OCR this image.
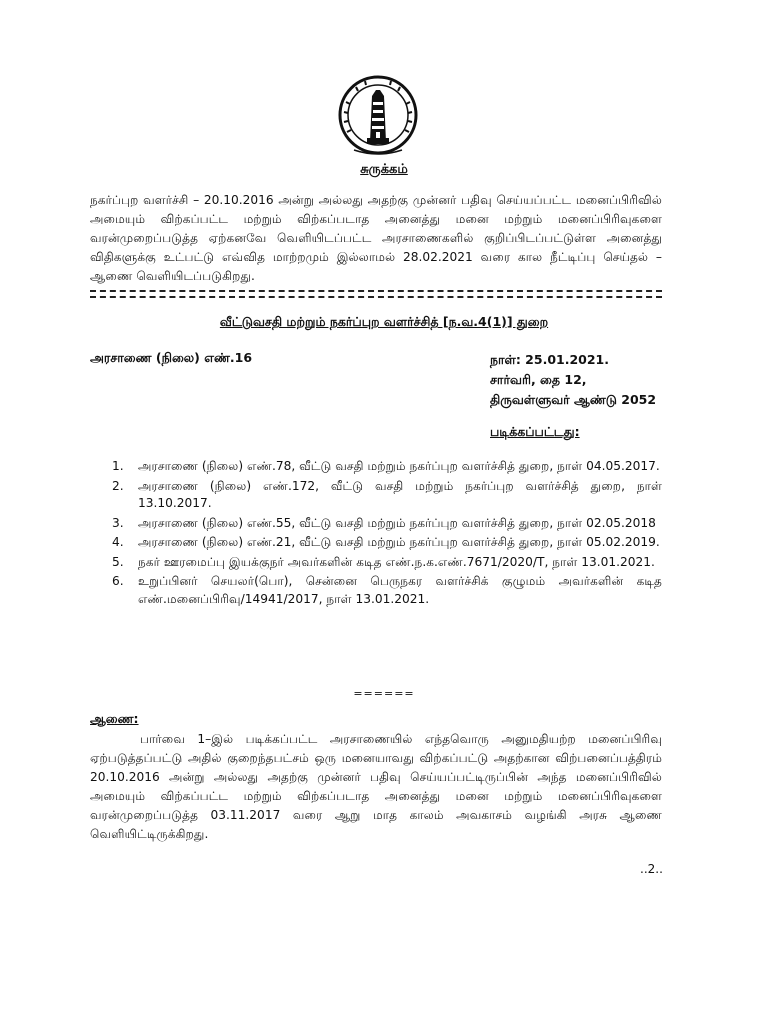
சுருக்கம்
நகர்ப்புற வளர்ச்சி – 20.10.2016 அன்று அல்லது அதற்கு முன்னர் பதிவு செய்யப்பட்ட மனைப்பிரிவில் அமையும் விற்கப்பட்ட மற்றும் விற்கப்படாத அனைத்து மனை மற்றும் மனைப்பிரிவுகளை வரன்முறைப்படுத்த ஏற்கனவே வெளியிடப்பட்ட அரசாணைகளில் குறிப்பிடப்பட்டுள்ள அனைத்து விதிகளுக்கு உட்பட்டு எவ்வித மாற்றமும் இல்லாமல் 28.02.2021 வரை கால நீட்டிப்பு செய்தல் – ஆணை வெளியிடப்படுகிறது.
வீட்டுவசதி மற்றும் நகர்ப்புற வளர்ச்சித் [ந.வ.4(1)] துறை
அரசாணை (நிலை) எண்.16	நாள்: 25.01.2021.
சார்வரி, தை 12,
திருவள்ளுவர் ஆண்டு 2052
படிக்கப்பட்டது:
1. அரசாணை (நிலை) எண்.78, வீட்டு வசதி மற்றும் நகர்ப்புற வளர்ச்சித் துறை, நாள் 04.05.2017.
2. அரசாணை (நிலை) எண்.172, வீட்டு வசதி மற்றும் நகர்ப்புற வளர்ச்சித் துறை, நாள் 13.10.2017.
3. அரசாணை (நிலை) எண்.55, வீட்டு வசதி மற்றும் நகர்ப்புற வளர்ச்சித் துறை, நாள் 02.05.2018
4. அரசாணை (நிலை) எண்.21, வீட்டு வசதி மற்றும் நகர்ப்புற வளர்ச்சித் துறை, நாள் 05.02.2019.
5. நகர் ஊரமைப்பு இயக்குநர் அவர்களின் கடித எண்.ந.க.எண்.7671/2020/T, நாள் 13.01.2021.
6. உறுப்பினர் செயலர்(பொ), சென்னை பெருநகர வளர்ச்சிக் குழுமம் அவர்களின் கடித எண்.மனைப்பிரிவு/14941/2017, நாள் 13.01.2021.
======
ஆணை:
பார்வை 1–இல் படிக்கப்பட்ட அரசாணையில் எந்தவொரு அனுமதியற்ற மனைப்பிரிவு ஏற்படுத்தப்பட்டு அதில் குறைந்தபட்சம் ஒரு மனையாவது விற்கப்பட்டு அதற்கான விற்பனைப்பத்திரம் 20.10.2016 அன்று அல்லது அதற்கு முன்னர் பதிவு செய்யப்பட்டிருப்பின் அந்த மனைப்பிரிவில் அமையும் விற்கப்பட்ட மற்றும் விற்கப்படாத அனைத்து மனை மற்றும் மனைப்பிரிவுகளை வரன்முறைப்படுத்த 03.11.2017 வரை ஆறு மாத காலம் அவகாசம் வழங்கி அரசு ஆணை வெளியிட்டிருக்கிறது.
..2..
